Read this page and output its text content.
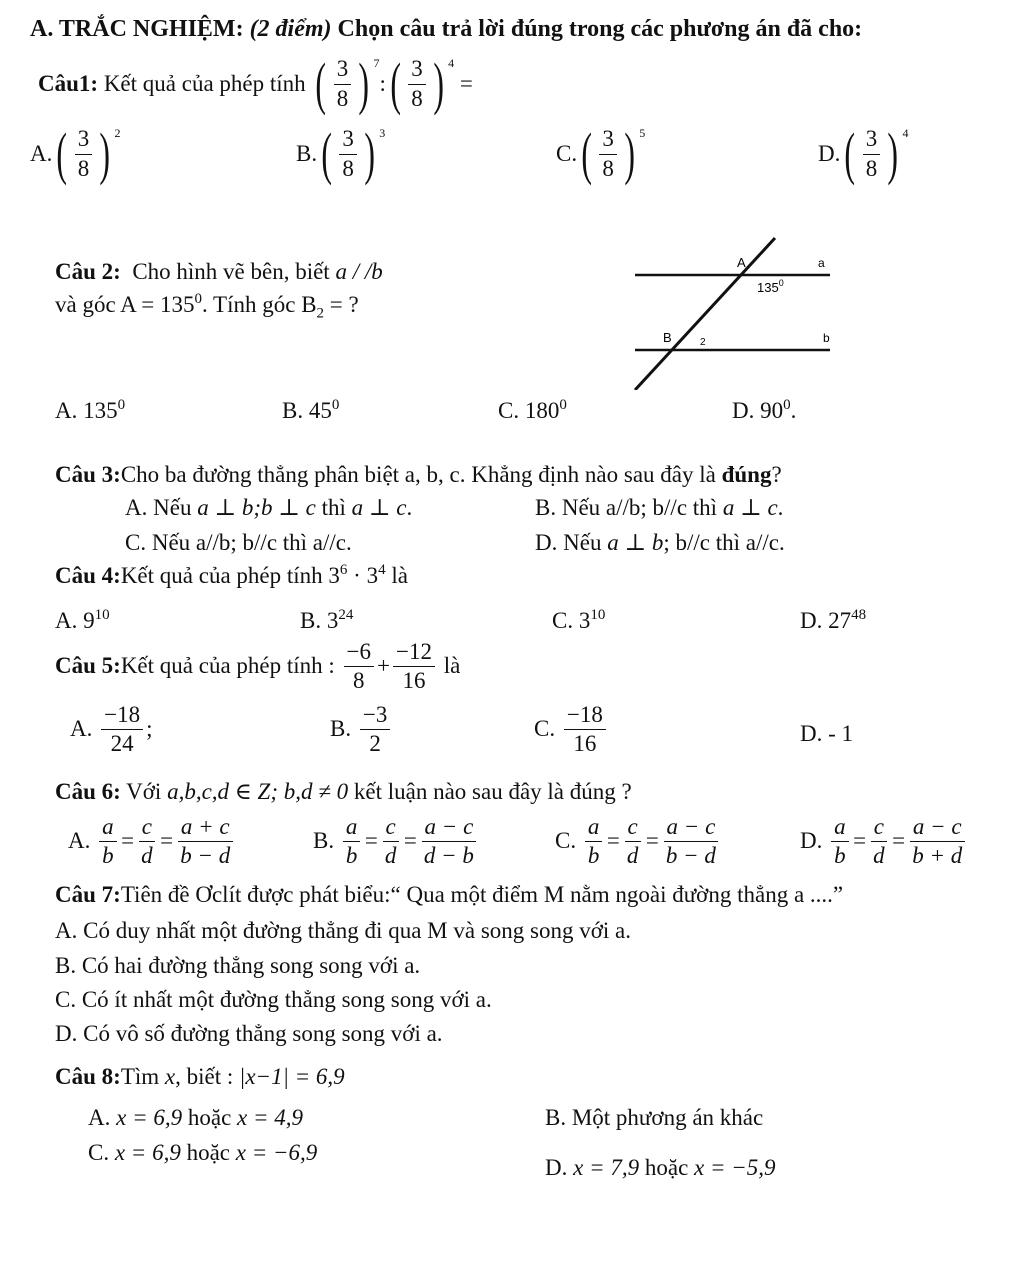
A. TRẮC NGHIỆM: (2 điểm) Chọn câu trả lời đúng trong các phương án đã cho:
Câu1:
Kết quả của phép tính
( $\frac{3}{8}$ ) $^7$
: ( $\frac{3}{8}$ ) $^4$

=
A. ( $\frac{3}{8}$ ) $^2$
B. ( $\frac{3}{8}$ ) $^3$
C. ( $\frac{3}{8}$ ) $^5$
D. ( $\frac{3}{8}$ ) $^4$
Câu 2: Cho hình vẽ bên, biết a / /b
và góc $A = 135^0$. Tính góc $B_2$ = ?
A	a
$135^0$
B	2	b
A. $135^0$	B. $45^0$	C. $180^0$	D. $90^0$.
Câu 3:Cho ba đường thẳng phân biệt a, b, c. Khẳng định nào sau đây là đúng?
A. Nếu a ⊥ b;b ⊥ c thì a ⊥ c.	B. Nếu a//b; b//c thì a ⊥ c.
C. Nếu a//b; b//c thì a//c.	D. Nếu a ⊥ b; b//c thì a//c.
Câu 4:Kết quả của phép tính $3^6 \cdot 3^4$ là
A. $9^{10}$	B. $3^{24}$	C. $3^{10}$	D. $27^{48}$
Câu 5: Kết quả của phép tính :
$\frac{-6}{8} + \frac{-12}{16}$
là
A.
$\frac{-18}{24}$ ;	B.
$\frac{-3}{2}$	C.
$\frac{-18}{16}$	D. - 1
Câu 6: Với a,b,c,d ∈ Z; b,d ≠ 0 kết luận nào sau đây là đúng ?
A.
$\frac{a}{b} = \frac{c}{d} = \frac{a + c}{b - d}$	B.
$\frac{a}{b} = \frac{c}{d} = \frac{a - c}{d - b}$	C.
$\frac{a}{b} = \frac{c}{d} = \frac{a - c}{b - d}$	D.
$\frac{a}{b} = \frac{c}{d} = \frac{a - c}{b + d}$
Câu 7:Tiên đề Ơclít được phát biểu:“ Qua một điểm M nằm ngoài đường thẳng a ....”
A. Có duy nhất một đường thẳng đi qua M và song song với a.
B. Có hai đường thẳng song song với a.
C. Có ít nhất một đường thẳng song song với a.
D. Có vô số đường thẳng song song với a.
Câu 8:Tìm x, biết : |x−1| = 6,9
A. x = 6,9 hoặc x = 4,9	B. Một phương án khác
C. x = 6,9 hoặc x = −6,9
D. x = 7,9 hoặc x = −5,9
